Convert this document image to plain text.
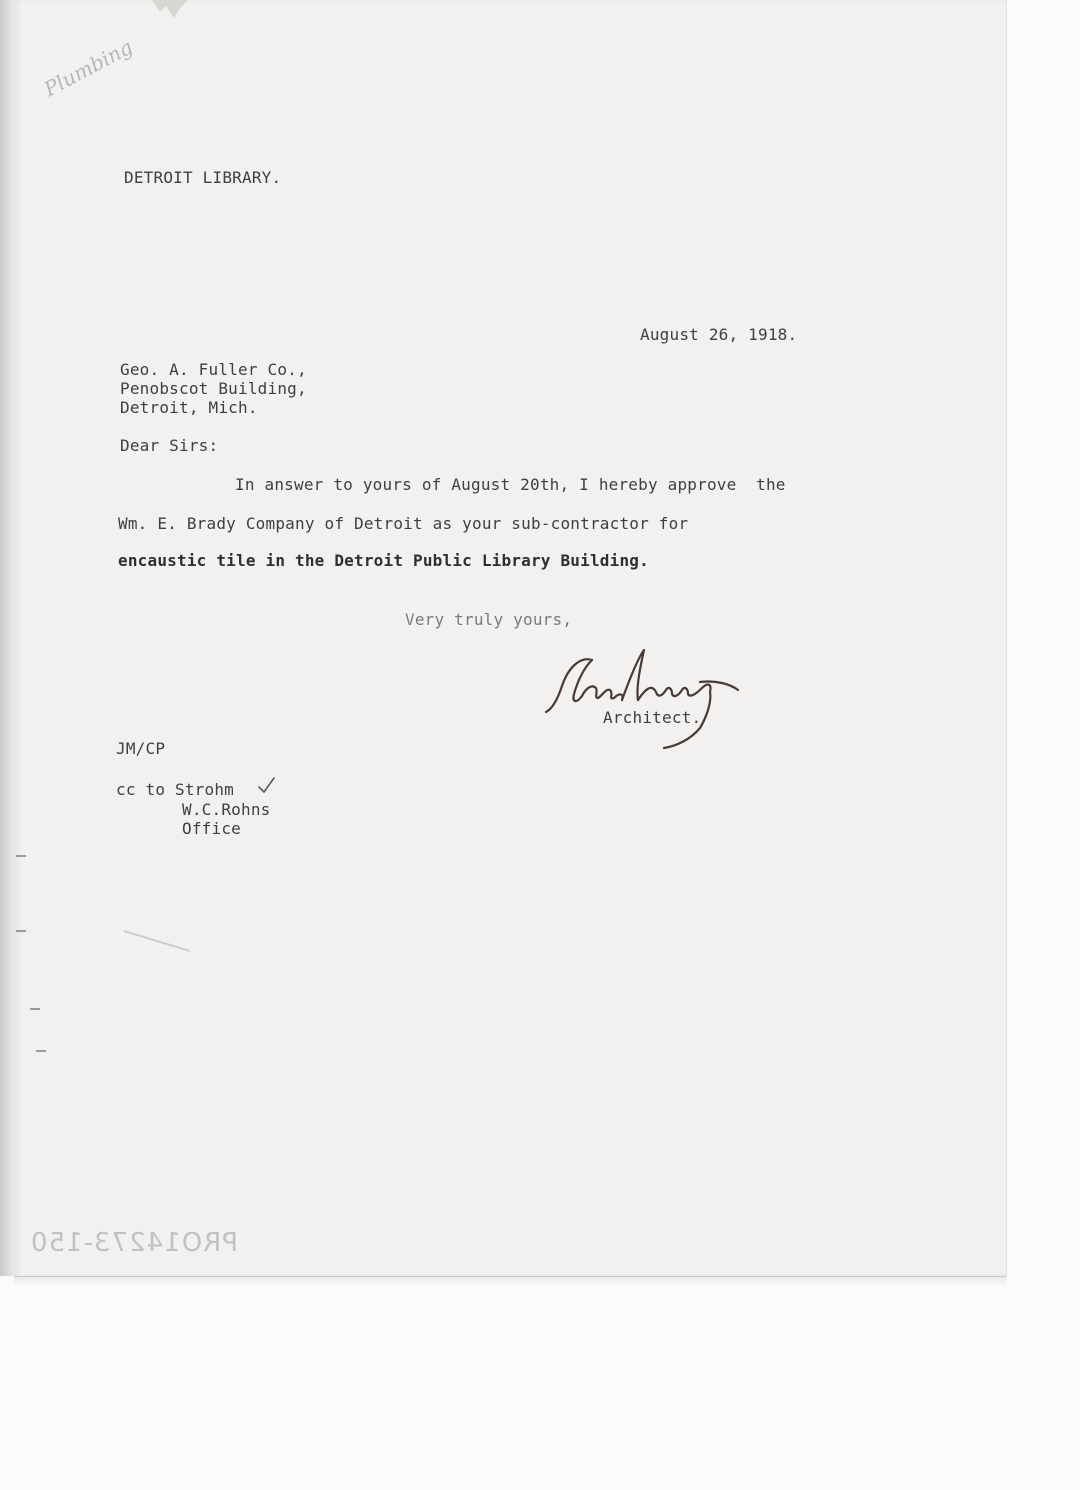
Plumbing
DETROIT LIBRARY.
August 26, 1918.
Geo. A. Fuller Co.,
Penobscot Building,
Detroit, Mich.
Dear Sirs:
In answer to yours of August 20th, I hereby approve  the
Wm. E. Brady Company of Detroit as your sub-contractor for
encaustic tile in the Detroit Public Library Building.
Very truly yours,
Architect.
JM/CP
cc to Strohm
W.C.Rohns
Office
PRO14273-150
